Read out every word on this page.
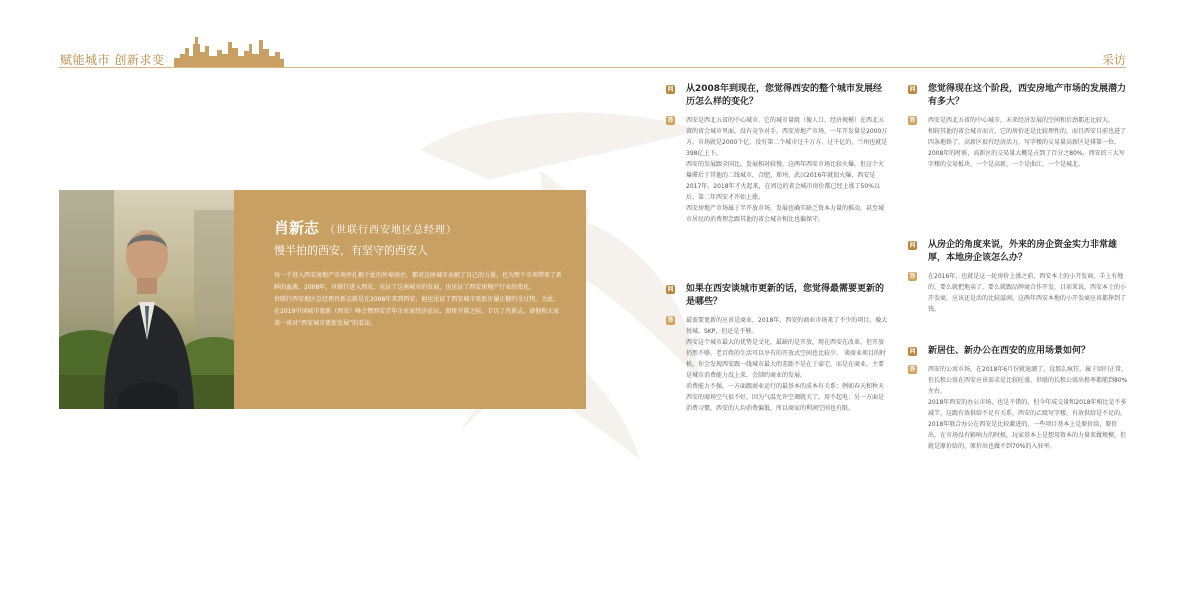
赋能城市 创新求变	采访
肖新志 （世联行西安地区总经理）
慢半拍的西安，有坚守的西安人

每一个进入西安房地产市场并扎根于此的外埠房企，都对这座城市贡献了自己的力量。也为整个市场带来了新鲜的血液。2008年，世联行进入西安，见证了这座城市的发展，也见证了西安房地产行业的变化。

世联行西安地区总经理肖新志就是在2008年来到西安，他也见证了西安城市更新步履正健的全过程。为此，在2019中国城市更新（西安）峰会暨西安青年企业家经济论坛，即将开幕之际，专访了肖新志，请他和大家谈一谈对“西安城市更新发展”的看法。

问 从2008年到现在，您觉得西安的整个城市发展经历怎么样的变化？
答 西安是西北五省的中心城市，它的城市量级（像人口、经济规模）在西北五省的省会城市里面，没有竞争对手，西安房地产市场，一年开发量是2000万方，市场就是2000个亿，没有第二个城市过千万方、过千亿的，兰州也就是398亿上下。

西安的发展跟全国比，发展相对较慢，这两年西安市场比较火爆，但这个火爆滞后于其他的二线城市，合肥、郑州、武汉2016年就很火爆，西安是2017年、2018年才火起来，在周边的省会城市房价都已经上涨了50%以后，第二年西安才开始上涨。

西安房地产市场属于半开放市场，发展也确实缺乏资本力量的推动，甚至城市居民的消费理念跟其他的省会城市相比也偏保守。

问 如果在西安谈城市更新的话，您觉得最需要更新的是哪些？
答 最需要更新的应该是商业，2018年，西安的商业市场来了不少的项目，像大悦城、SKP，但还是不够。

西安这个城市最大的优势是文化，最缺的是开放，现在西安在改革，但开放仍然不够，老百姓的生活可以享有的开放式空间也比较少。 谈商业项目的时候，你会发现西安跟一线城市最大的差距不是在于豪宅，而是在商业，主要是城市消费能力没上来，会制约商业的发展。

消费能力不强，一方面跟商业运行的最基本的成本有关系：例如春天和秋天西安的商场空气很不好，因为气温允许空调就关了，用不起电；另一方面是消费习惯，西安的人均消费偏低，所以商家的利润空间也有限。

问 您觉得现在这个阶段，西安房地产市场的发展潜力有多大？
答 西安是西北五省的中心城市，未来经济发展的空间和后劲都还比较大。

相较其他的省会城市而言，它的房价还是比较理性的，而且西安目前也进了四条地铁了，高新区很有经济活力，写字楼的交易量高新区是排第一位，2008年的时候，高新区的交易量大概是占到了百分之80%，西安的三大写字楼的交易板块，一个是高新，一个是曲江，一个是城北。

问 从房企的角度来说，外来的房企资金实力非常雄厚，本地房企该怎么办？
答 在2016年，也就是这一轮房价上涨之前，西安本土的小开发商，手上有地的，要么就把地卖了，要么就跟品牌商合作开发，目前来说，西安本土的小开发商，应该还是活的比较滋润，这两年西安本地的小开发商应该都挣到了钱。

问 新居住、新办公在西安的应用场景如何？
答 西安的公寓市场，在2018年6月份就退潮了，没那么疯狂，属于回归正常，但长租公寓在西安应该需求是比较旺盛，世联的长租公寓出租率都能到80%左右。

2018年西安的办公市场，也是不错的，但今年成交量和2018年相比是不多减半，这跟有效供给不足有关系，西安的乙级写字楼，有效供给是不足的。

2018年联合办公在西安是比较激进的，一些项目基本上是原价给，原价出，在市场没有影响力的时候，玩家基本上是想用资本的力量来做规模，但就是原价给的，原价出也做不到70%的入驻率。
